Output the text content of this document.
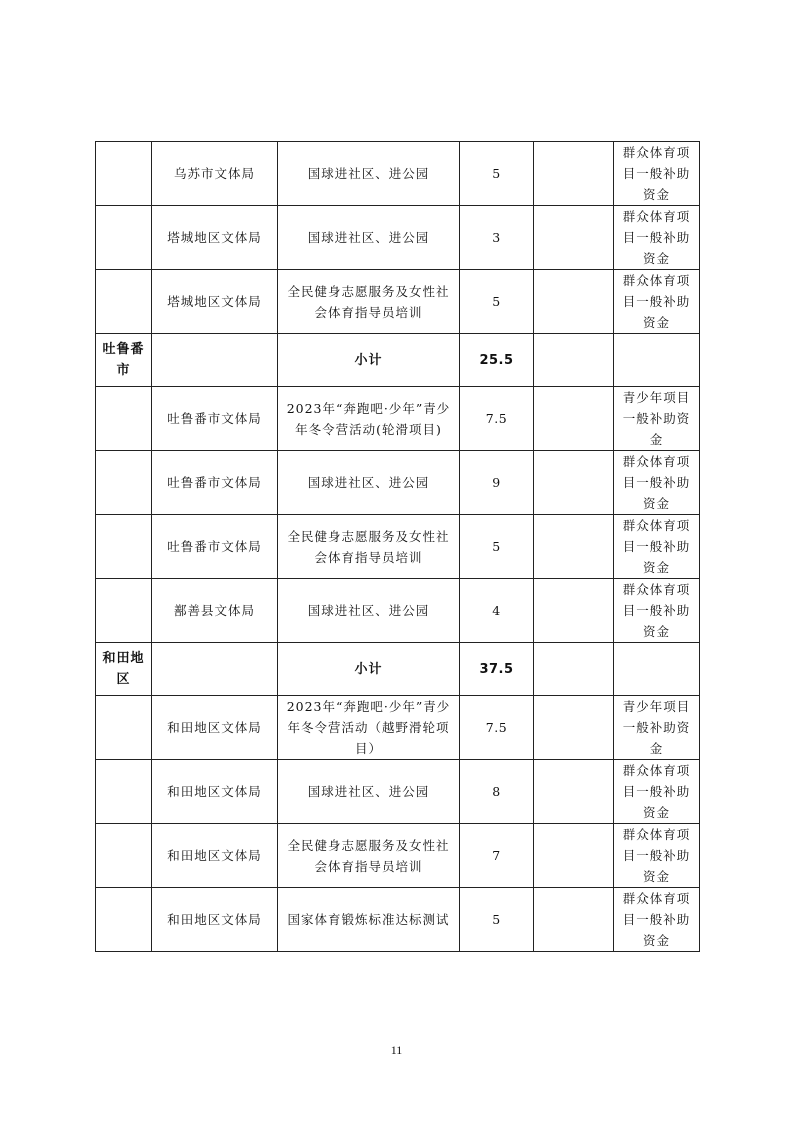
	乌苏市文体局	国球进社区、进公园	5		群众体育项目一般补助资金
	塔城地区文体局	国球进社区、进公园	3		群众体育项目一般补助资金
	塔城地区文体局	全民健身志愿服务及女性社会体育指导员培训	5		群众体育项目一般补助资金
吐鲁番市		小计	25.5		
	吐鲁番市文体局	2023年“奔跑吧·少年”青少年冬令营活动(轮滑项目)	7.5		青少年项目一般补助资金
	吐鲁番市文体局	国球进社区、进公园	9		群众体育项目一般补助资金
	吐鲁番市文体局	全民健身志愿服务及女性社会体育指导员培训	5		群众体育项目一般补助资金
	鄯善县文体局	国球进社区、进公园	4		群众体育项目一般补助资金
和田地区		小计	37.5		
	和田地区文体局	2023年“奔跑吧·少年”青少年冬令营活动（越野滑轮项目）	7.5		青少年项目一般补助资金
	和田地区文体局	国球进社区、进公园	8		群众体育项目一般补助资金
	和田地区文体局	全民健身志愿服务及女性社会体育指导员培训	7		群众体育项目一般补助资金
	和田地区文体局	国家体育锻炼标准达标测试	5		群众体育项目一般补助资金
11
